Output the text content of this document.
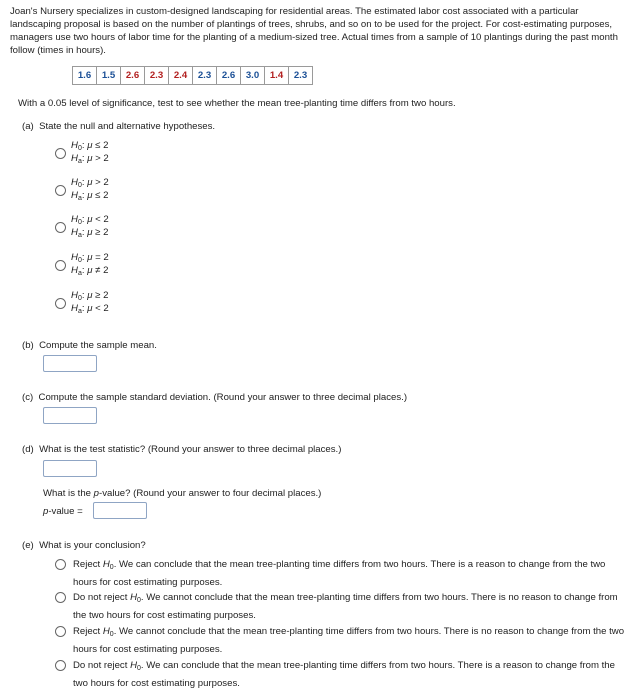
Joan's Nursery specializes in custom-designed landscaping for residential areas. The estimated labor cost associated with a particular landscaping proposal is based on the number of plantings of trees, shrubs, and so on to be used for the project. For cost-estimating purposes, managers use two hours of labor time for the planting of a medium-sized tree. Actual times from a sample of 10 plantings during the past month follow (times in hours).
1.6	1.5	2.6	2.3	2.4	2.3	2.6	3.0	1.4	2.3
With a 0.05 level of significance, test to see whether the mean tree-planting time differs from two hours.
(a) State the null and alternative hypotheses.
$H_0$: μ ≤ 2
$H_a$: μ > 2
$H_0$: μ > 2
$H_a$: μ ≤ 2
$H_0$: μ < 2
$H_a$: μ ≥ 2
$H_0$: μ = 2
$H_a$: μ ≠ 2
$H_0$: μ ≥ 2
$H_a$: μ < 2
(b) Compute the sample mean.
(c) Compute the sample standard deviation. (Round your answer to three decimal places.)
(d) What is the test statistic? (Round your answer to three decimal places.)
What is the p-value? (Round your answer to four decimal places.)
p-value =
(e) What is your conclusion?
Reject $H_0$. We can conclude that the mean tree-planting time differs from two hours. There is a reason to change from the two hours for cost estimating purposes.
Do not reject $H_0$. We cannot conclude that the mean tree-planting time differs from two hours. There is no reason to change from the two hours for cost estimating purposes.
Reject $H_0$. We cannot conclude that the mean tree-planting time differs from two hours. There is no reason to change from the two hours for cost estimating purposes.
Do not reject $H_0$. We can conclude that the mean tree-planting time differs from two hours. There is a reason to change from the two hours for cost estimating purposes.
